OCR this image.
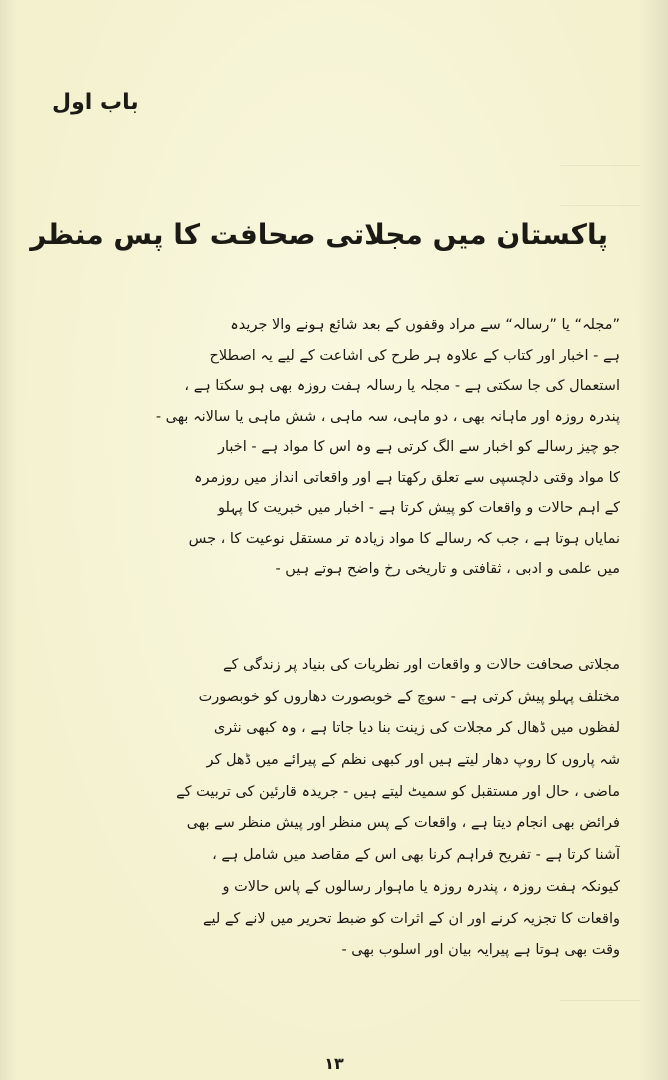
باب اول
پاکستان میں مجلاتی صحافت کا پس منظر
”مجلہ“ یا ”رسالہ“ سے مراد وقفوں کے بعد شائع ہونے والا جریدہ
ہے - اخبار اور کتاب کے علاوہ ہر طرح کی اشاعت کے لیے یہ اصطلاح
استعمال کی جا سکتی ہے - مجلہ یا رسالہ ہفت روزہ بھی ہو سکتا ہے ،
پندرہ روزہ اور ماہانہ بھی ، دو ماہی، سہ ماہی ، شش ماہی یا سالانہ بھی -
جو چیز رسالے کو اخبار سے الگ کرتی ہے وہ اس کا مواد ہے - اخبار
کا مواد وقتی دلچسپی سے تعلق رکھتا ہے اور واقعاتی انداز میں روزمرہ
کے اہم حالات و واقعات کو پیش کرتا ہے - اخبار میں خبریت کا پہلو
نمایاں ہوتا ہے ، جب کہ رسالے کا مواد زیادہ تر مستقل نوعیت کا ، جس
میں علمی و ادبی ، ثقافتی و تاریخی رخ واضح ہوتے ہیں -
مجلاتی صحافت حالات و واقعات اور نظریات کی بنیاد پر زندگی کے
مختلف پہلو پیش کرتی ہے - سوچ کے خوبصورت دھاروں کو خوبصورت
لفظوں میں ڈھال کر مجلات کی زینت بنا دیا جاتا ہے ، وہ کبھی نثری
شہ پاروں کا روپ دھار لیتے ہیں اور کبھی نظم کے پیرائے میں ڈھل کر
ماضی ، حال اور مستقبل کو سمیٹ لیتے ہیں - جریدہ قارئین کی تربیت کے
فرائض بھی انجام دیتا ہے ، واقعات کے پس منظر اور پیش منظر سے بھی
آشنا کرتا ہے - تفریح فراہم کرنا بھی اس کے مقاصد میں شامل ہے ،
کیونکہ ہفت روزہ ، پندرہ روزہ یا ماہوار رسالوں کے پاس حالات و
واقعات کا تجزیہ کرنے اور ان کے اثرات کو ضبط تحریر میں لانے کے لیے
وقت بھی ہوتا ہے پیرایہ بیان اور اسلوب بھی -
۱۳
